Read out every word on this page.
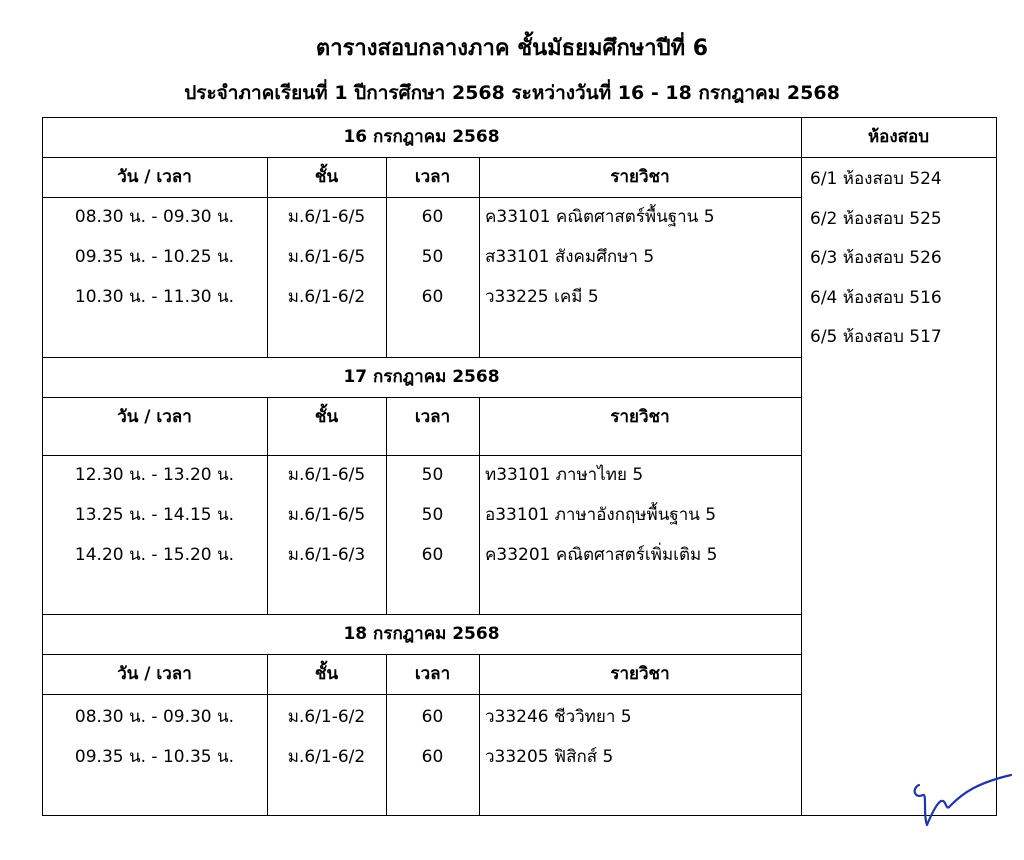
ตารางสอบกลางภาค ชั้นมัธยมศึกษาปีที่ 6
ประจำภาคเรียนที่ 1 ปีการศึกษา 2568 ระหว่างวันที่ 16 - 18 กรกฎาคม 2568
16 กรกฎาคม 2568
วัน / เวลา	ชั้น	เวลา	รายวิชา
08.30 น. - 09.30 น.	ม.6/1-6/5	60	ค33101 คณิตศาสตร์พื้นฐาน 5
09.35 น. - 10.25 น.	ม.6/1-6/5	50	ส33101 สังคมศึกษา 5
10.30 น. - 11.30 น.	ม.6/1-6/2	60	ว33225 เคมี 5
17 กรกฎาคม 2568
วัน / เวลา	ชั้น	เวลา	รายวิชา
12.30 น. - 13.20 น.	ม.6/1-6/5	50	ท33101 ภาษาไทย 5
13.25 น. - 14.15 น.	ม.6/1-6/5	50	อ33101 ภาษาอังกฤษพื้นฐาน 5
14.20 น. - 15.20 น.	ม.6/1-6/3	60	ค33201 คณิตศาสตร์เพิ่มเติม 5
18 กรกฎาคม 2568
วัน / เวลา	ชั้น	เวลา	รายวิชา
08.30 น. - 09.30 น.	ม.6/1-6/2	60	ว33246 ชีววิทยา 5
09.35 น. - 10.35 น.	ม.6/1-6/2	60	ว33205 ฟิสิกส์ 5
ห้องสอบ
6/1 ห้องสอบ 524
6/2 ห้องสอบ 525
6/3 ห้องสอบ 526
6/4 ห้องสอบ 516
6/5 ห้องสอบ 517
